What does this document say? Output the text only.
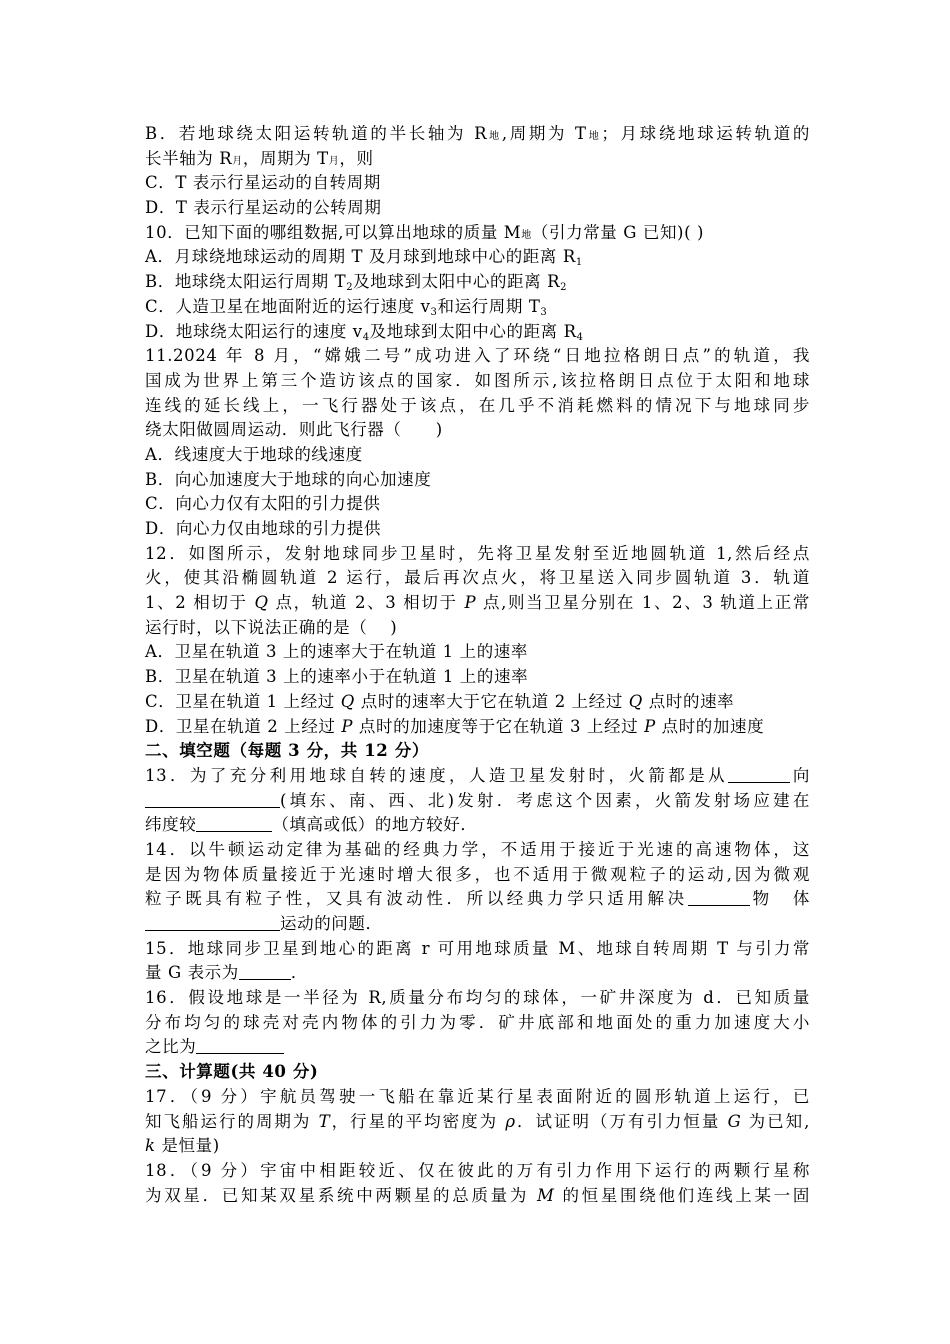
B．若地球绕太阳运转轨道的半长轴为 R地,周期为 T地；月球绕地球运转轨道的
长半轴为 R月，周期为 T月，则
C．T 表示行星运动的自转周期
D．T 表示行星运动的公转周期
10．已知下面的哪组数据,可以算出地球的质量 M地（引力常量 G 已知)( )
A．月球绕地球运动的周期 T 及月球到地球中心的距离 $R_1$
B．地球绕太阳运行周期 $T_2$及地球到太阳中心的距离 $R_2$
C．人造卫星在地面附近的运行速度 $v_3$和运行周期 $T_3$
D．地球绕太阳运行的速度 $v_4$及地球到太阳中心的距离 $R_4$
11.2024 年 8 月，“嫦娥二号”成功进入了环绕“日地拉格朗日点”的轨道，我
国成为世界上第三个造访该点的国家．如图所示,该拉格朗日点位于太阳和地球
连线的延长线上，一飞行器处于该点，在几乎不消耗燃料的情况下与地球同步
绕太阳做圆周运动．则此飞行器（　　)
A．线速度大于地球的线速度
B．向心加速度大于地球的向心加速度
C．向心力仅有太阳的引力提供
D．向心力仅由地球的引力提供
12．如图所示，发射地球同步卫星时，先将卫星发射至近地圆轨道 1,然后经点
火，使其沿椭圆轨道 2 运行，最后再次点火，将卫星送入同步圆轨道 3．轨道
1、2 相切于 Q 点，轨道 2、3 相切于 P 点,则当卫星分别在 1、2、3 轨道上正常
运行时，以下说法正确的是（　 )
A．卫星在轨道 3 上的速率大于在轨道 1 上的速率
B．卫星在轨道 3 上的速率小于在轨道 1 上的速率
C．卫星在轨道 1 上经过 Q 点时的速率大于它在轨道 2 上经过 Q 点时的速率
D．卫星在轨道 2 上经过 P 点时的加速度等于它在轨道 3 上经过 P 点时的加速度
二、填空题（每题 3 分，共 12 分）
13．为了充分利用地球自转的速度，人造卫星发射时，火箭都是从	向
(填东、南、西、北)发射．考虑这个因素，火箭发射场应建在
纬度较	（填高或低）的地方较好．
14．以牛顿运动定律为基础的经典力学，不适用于接近于光速的高速物体，这
是因为物体质量接近于光速时增大很多，也不适用于微观粒子的运动,因为微观
粒子既具有粒子性，又具有波动性．所以经典力学只适用解决	物　体
运动的问题．
15．地球同步卫星到地心的距离 r 可用地球质量 M、地球自转周期 T 与引力常
量 G 表示为	．
16．假设地球是一半径为 R,质量分布均匀的球体，一矿井深度为 d．已知质量
分布均匀的球壳对壳内物体的引力为零．矿井底部和地面处的重力加速度大小
之比为
三、计算题(共 40 分)
17．（9 分）宇航员驾驶一飞船在靠近某行星表面附近的圆形轨道上运行，已
知飞船运行的周期为 T，行星的平均密度为 ρ．试证明（万有引力恒量 G 为已知,
k 是恒量)
18．（9 分）宇宙中相距较近、仅在彼此的万有引力作用下运行的两颗行星称
为双星．已知某双星系统中两颗星的总质量为 M 的恒星围绕他们连线上某一固
